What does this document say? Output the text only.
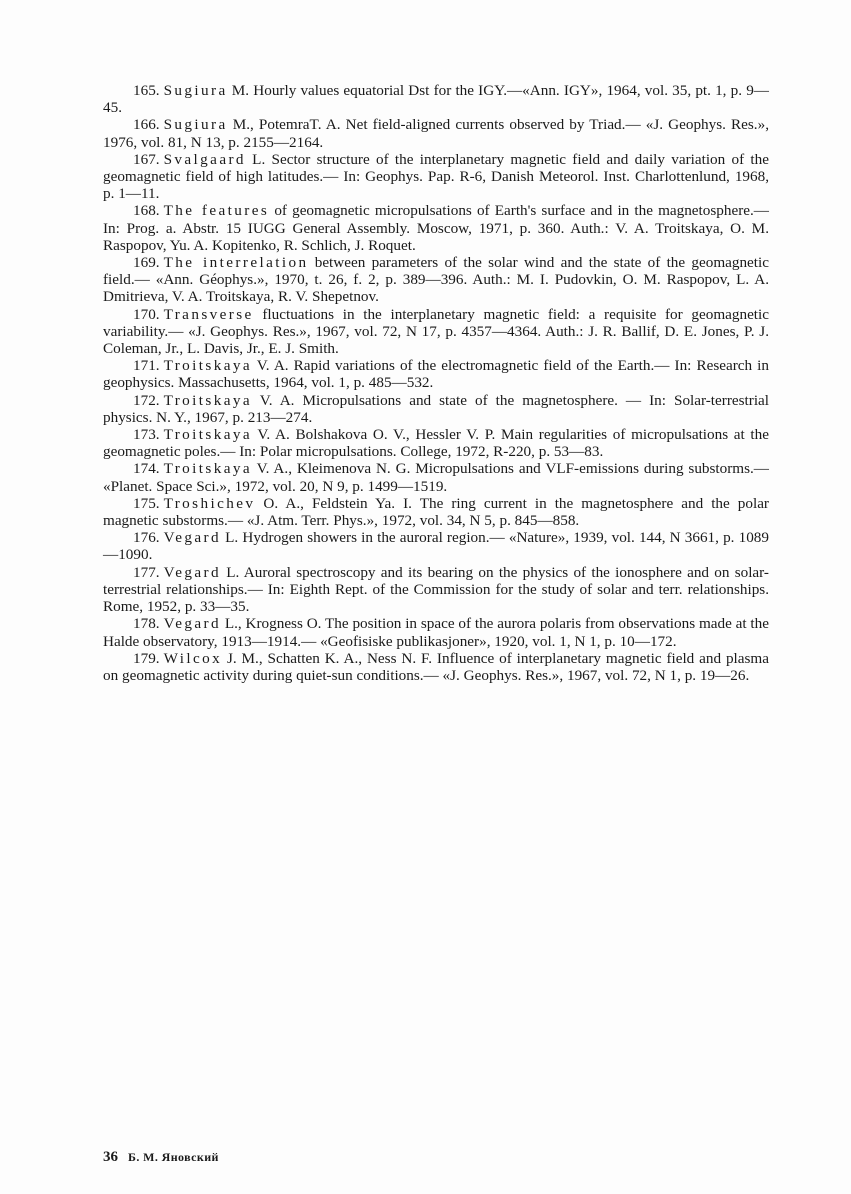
165. Sugiura M. Hourly values equatorial Dst for the IGY.—«Ann. IGY», 1964, vol. 35, pt. 1, p. 9—45.

166. Sugiura M., PotemraT. A. Net field-aligned currents observed by Triad.— «J. Geophys. Res.», 1976, vol. 81, N 13, p. 2155—2164.

167. Svalgaard L. Sector structure of the interplanetary magnetic field and daily variation of the geomagnetic field of high latitudes.— In: Geophys. Pap. R-6, Danish Meteorol. Inst. Charlottenlund, 1968, p. 1—11.

168. The features of geomagnetic micropulsations of Earth's surface and in the magnetosphere.— In: Prog. a. Abstr. 15 IUGG General Assembly. Moscow, 1971, p. 360. Auth.: V. A. Troitskaya, O. M. Raspopov, Yu. A. Kopitenko, R. Schlich, J. Roquet.

169. The interrelation between parameters of the solar wind and the state of the geomagnetic field.— «Ann. Géophys.», 1970, t. 26, f. 2, p. 389—396. Auth.: M. I. Pudovkin, O. M. Raspopov, L. A. Dmitrieva, V. A. Troitskaya, R. V. Shepetnov.

170. Transverse fluctuations in the interplanetary magnetic field: a requisite for geomagnetic variability.— «J. Geophys. Res.», 1967, vol. 72, N 17, p. 4357—4364. Auth.: J. R. Ballif, D. E. Jones, P. J. Coleman, Jr., L. Davis, Jr., E. J. Smith.

171. Troitskaya V. A. Rapid variations of the electromagnetic field of the Earth.— In: Research in geophysics. Massachusetts, 1964, vol. 1, p. 485—532.

172. Troitskaya V. A. Micropulsations and state of the magnetosphere. — In: Solar-terrestrial physics. N. Y., 1967, p. 213—274.

173. Troitskaya V. A. Bolshakova O. V., Hessler V. P. Main regularities of micropulsations at the geomagnetic poles.— In: Polar micropulsations. College, 1972, R-220, p. 53—83.

174. Troitskaya V. A., Kleimenova N. G. Micropulsations and VLF-emissions during substorms.— «Planet. Space Sci.», 1972, vol. 20, N 9, p. 1499—1519.

175. Troshichev O. A., Feldstein Ya. I. The ring current in the magnetosphere and the polar magnetic substorms.— «J. Atm. Terr. Phys.», 1972, vol. 34, N 5, p. 845—858.

176. Vegard L. Hydrogen showers in the auroral region.— «Nature», 1939, vol. 144, N 3661, p. 1089—1090.

177. Vegard L. Auroral spectroscopy and its bearing on the physics of the ionosphere and on solar-terrestrial relationships.— In: Eighth Rept. of the Commission for the study of solar and terr. relationships. Rome, 1952, p. 33—35.

178. Vegard L., Krogness O. The position in space of the aurora polaris from observations made at the Halde observatory, 1913—1914.— «Geofisiske publikasjoner», 1920, vol. 1, N 1, p. 10—172.

179. Wilcox J. M., Schatten K. A., Ness N. F. Influence of interplanetary magnetic field and plasma on geomagnetic activity during quiet-sun conditions.— «J. Geophys. Res.», 1967, vol. 72, N 1, p. 19—26.

36 Б. М. Яновский
